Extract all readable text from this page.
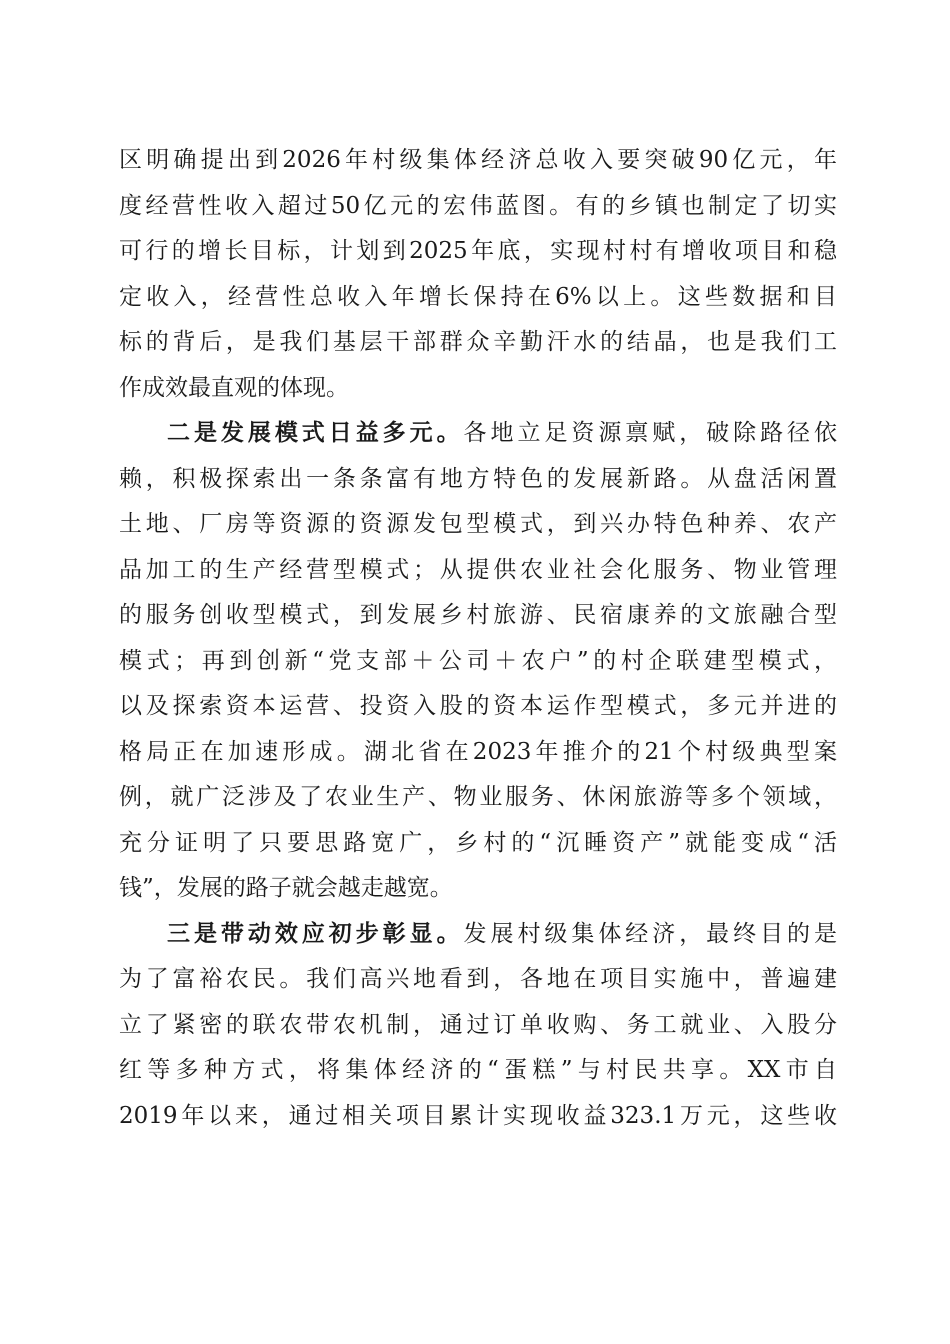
区明确提出到2026年村级集体经济总收入要突破90亿元，年
度经营性收入超过50亿元的宏伟蓝图。有的乡镇也制定了切实
可行的增长目标，计划到2025年底，实现村村有增收项目和稳
定收入，经营性总收入年增长保持在6%以上。这些数据和目
标的背后，是我们基层干部群众辛勤汗水的结晶，也是我们工
作成效最直观的体现。
二是发展模式日益多元。各地立足资源禀赋，破除路径依
赖，积极探索出一条条富有地方特色的发展新路。从盘活闲置
土地、厂房等资源的资源发包型模式，到兴办特色种养、农产
品加工的生产经营型模式；从提供农业社会化服务、物业管理
的服务创收型模式，到发展乡村旅游、民宿康养的文旅融合型
模式；再到创新“党支部＋公司＋农户”的村企联建型模式，
以及探索资本运营、投资入股的资本运作型模式，多元并进的
格局正在加速形成。湖北省在2023年推介的21个村级典型案
例，就广泛涉及了农业生产、物业服务、休闲旅游等多个领域，
充分证明了只要思路宽广，乡村的“沉睡资产”就能变成“活
钱”，发展的路子就会越走越宽。
三是带动效应初步彰显。发展村级集体经济，最终目的是
为了富裕农民。我们高兴地看到，各地在项目实施中，普遍建
立了紧密的联农带农机制，通过订单收购、务工就业、入股分
红等多种方式，将集体经济的“蛋糕”与村民共享。XX市自
2019年以来，通过相关项目累计实现收益323.1万元，这些收
